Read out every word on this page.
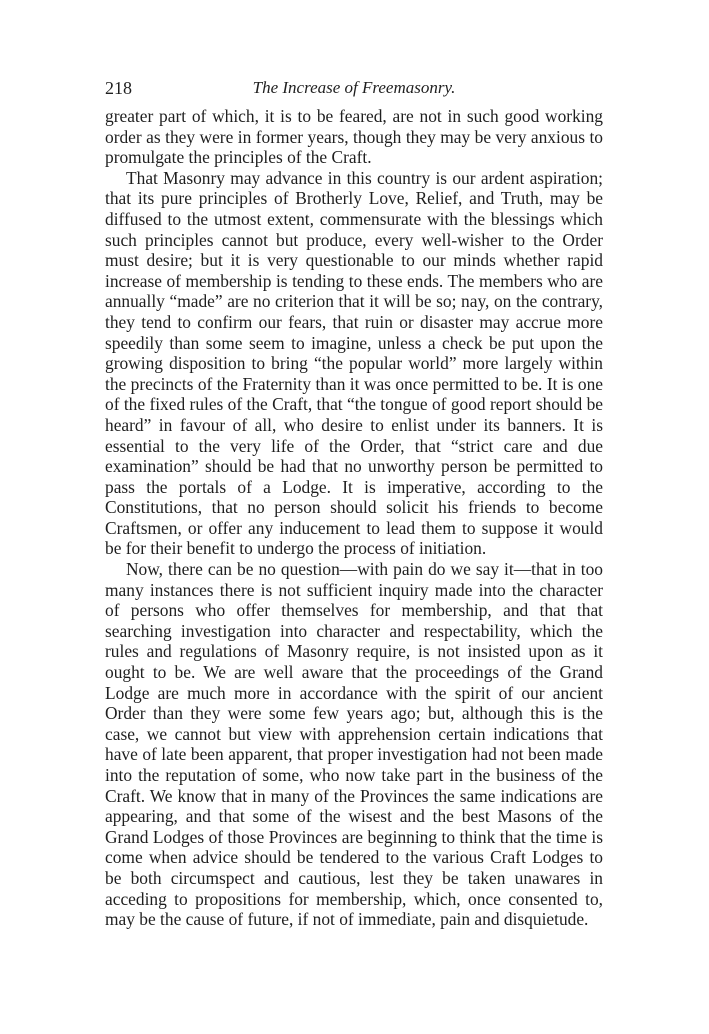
218	The Increase of Freemasonry.

greater part of which, it is to be feared, are not in such good working order as they were in former years, though they may be very anxious to promulgate the principles of the Craft.

That Masonry may advance in this country is our ardent aspiration; that its pure principles of Brotherly Love, Relief, and Truth, may be diffused to the utmost extent, commensurate with the blessings which such principles cannot but produce, every well-wisher to the Order must desire; but it is very questionable to our minds whether rapid increase of membership is tending to these ends. The members who are annually “made” are no criterion that it will be so; nay, on the contrary, they tend to confirm our fears, that ruin or disaster may accrue more speedily than some seem to imagine, unless a check be put upon the growing disposition to bring “the popular world” more largely within the precincts of the Fraternity than it was once permitted to be. It is one of the fixed rules of the Craft, that “the tongue of good report should be heard” in favour of all, who desire to enlist under its banners. It is essential to the very life of the Order, that “strict care and due examination” should be had that no unworthy person be permitted to pass the portals of a Lodge. It is imperative, according to the Constitutions, that no person should solicit his friends to become Craftsmen, or offer any inducement to lead them to suppose it would be for their benefit to undergo the process of initiation.

Now, there can be no question—with pain do we say it—that in too many instances there is not sufficient inquiry made into the character of persons who offer themselves for membership, and that that searching investigation into character and respectability, which the rules and regulations of Masonry require, is not insisted upon as it ought to be. We are well aware that the proceedings of the Grand Lodge are much more in accordance with the spirit of our ancient Order than they were some few years ago; but, although this is the case, we cannot but view with apprehension certain indications that have of late been apparent, that proper investigation had not been made into the reputation of some, who now take part in the business of the Craft. We know that in many of the Provinces the same indications are appearing, and that some of the wisest and the best Masons of the Grand Lodges of those Provinces are beginning to think that the time is come when advice should be tendered to the various Craft Lodges to be both circumspect and cautious, lest they be taken unawares in acceding to propositions for membership, which, once consented to, may be the cause of future, if not of immediate, pain and disquietude.
